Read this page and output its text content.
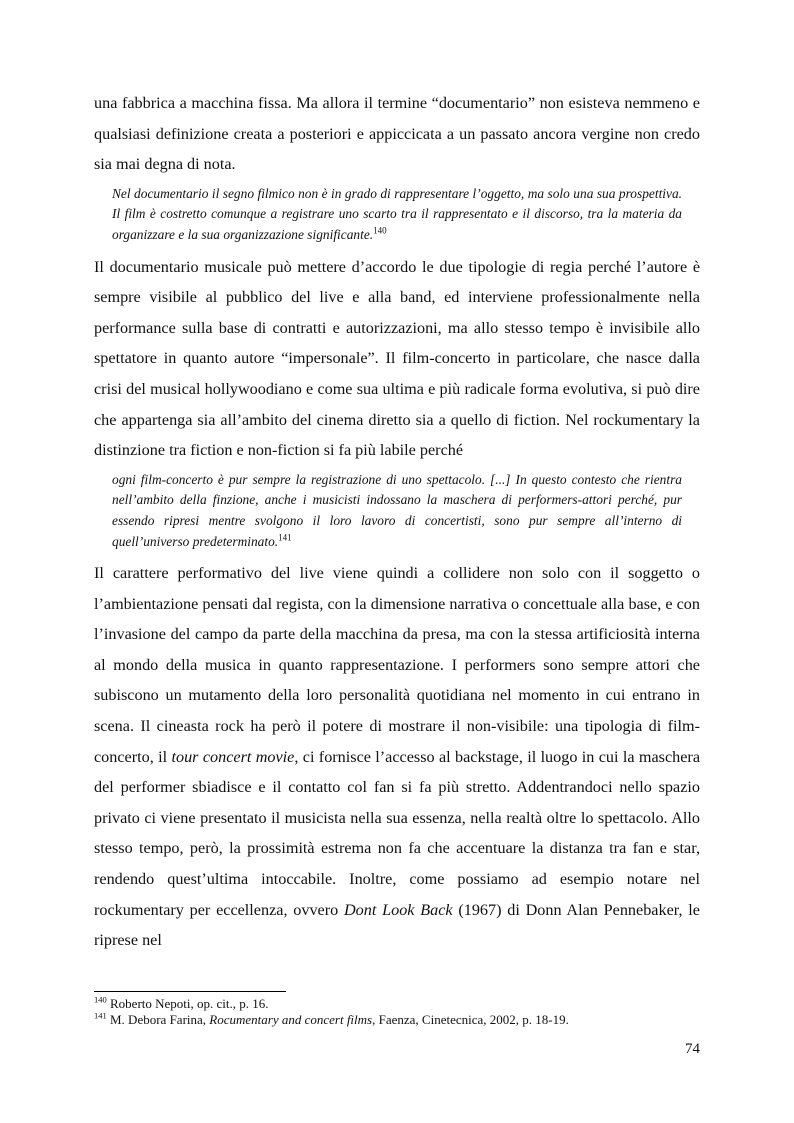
una fabbrica a macchina fissa. Ma allora il termine “documentario” non esisteva nemmeno e qualsiasi definizione creata a posteriori e appiccicata a un passato ancora vergine non credo sia mai degna di nota.

Nel documentario il segno filmico non è in grado di rappresentare l’oggetto, ma solo una sua prospettiva. Il film è costretto comunque a registrare uno scarto tra il rappresentato e il discorso, tra la materia da organizzare e la sua organizzazione significante.$^{140}$

Il documentario musicale può mettere d’accordo le due tipologie di regia perché l’autore è sempre visibile al pubblico del live e alla band, ed interviene professionalmente nella performance sulla base di contratti e autorizzazioni, ma allo stesso tempo è invisibile allo spettatore in quanto autore “impersonale”. Il film-concerto in particolare, che nasce dalla crisi del musical hollywoodiano e come sua ultima e più radicale forma evolutiva, si può dire che appartenga sia all’ambito del cinema diretto sia a quello di fiction. Nel rockumentary la distinzione tra fiction e non-fiction si fa più labile perché

ogni film-concerto è pur sempre la registrazione di uno spettacolo. [...] In questo contesto che rientra nell’ambito della finzione, anche i musicisti indossano la maschera di performers-attori perché, pur essendo ripresi mentre svolgono il loro lavoro di concertisti, sono pur sempre all’interno di quell’universo predeterminato.$^{141}$

Il carattere performativo del live viene quindi a collidere non solo con il soggetto o l’ambientazione pensati dal regista, con la dimensione narrativa o concettuale alla base, e con l’invasione del campo da parte della macchina da presa, ma con la stessa artificiosità interna al mondo della musica in quanto rappresentazione. I performers sono sempre attori che subiscono un mutamento della loro personalità quotidiana nel momento in cui entrano in scena. Il cineasta rock ha però il potere di mostrare il non-visibile: una tipologia di film-concerto, il tour concert movie, ci fornisce l’accesso al backstage, il luogo in cui la maschera del performer sbiadisce e il contatto col fan si fa più stretto. Addentrandoci nello spazio privato ci viene presentato il musicista nella sua essenza, nella realtà oltre lo spettacolo. Allo stesso tempo, però, la prossimità estrema non fa che accentuare la distanza tra fan e star, rendendo quest’ultima intoccabile. Inoltre, come possiamo ad esempio notare nel rockumentary per eccellenza, ovvero Dont Look Back (1967) di Donn Alan Pennebaker, le riprese nel

$^{140}$ Roberto Nepoti, op. cit., p. 16.
$^{141}$ M. Debora Farina, Rocumentary and concert films, Faenza, Cinetecnica, 2002, p. 18-19.
74
